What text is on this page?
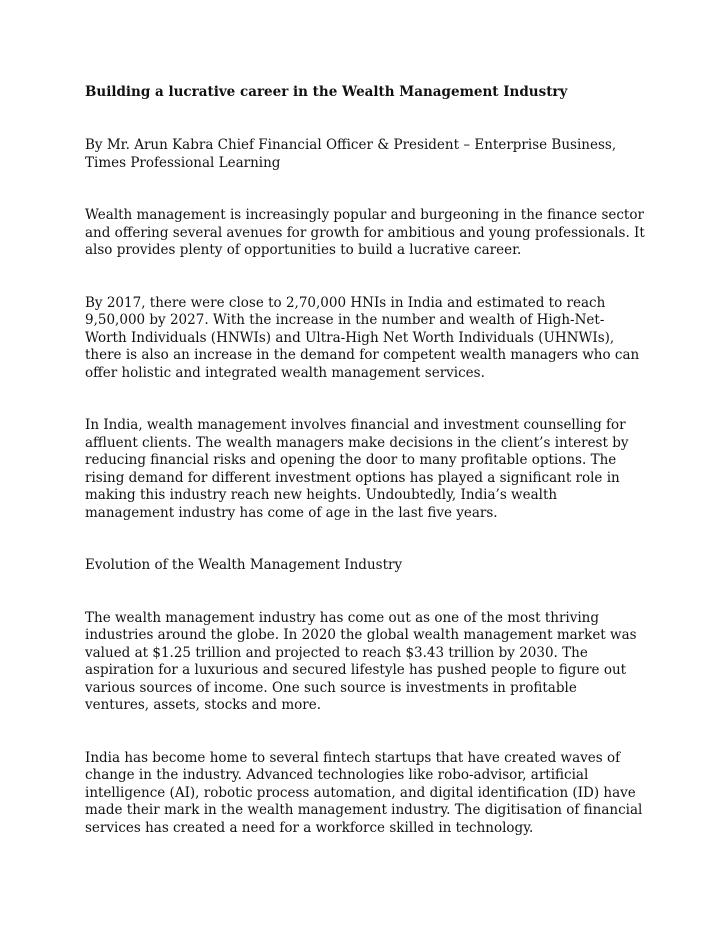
Building a lucrative career in the Wealth Management Industry

By Mr. Arun Kabra Chief Financial Officer & President – Enterprise Business, Times Professional Learning

Wealth management is increasingly popular and burgeoning in the finance sector and offering several avenues for growth for ambitious and young professionals. It also provides plenty of opportunities to build a lucrative career.

By 2017, there were close to 2,70,000 HNIs in India and estimated to reach 9,50,000 by 2027. With the increase in the number and wealth of High-Net-Worth Individuals (HNWIs) and Ultra-High Net Worth Individuals (UHNWIs), there is also an increase in the demand for competent wealth managers who can offer holistic and integrated wealth management services.

In India, wealth management involves financial and investment counselling for affluent clients. The wealth managers make decisions in the client’s interest by reducing financial risks and opening the door to many profitable options. The rising demand for different investment options has played a significant role in making this industry reach new heights. Undoubtedly, India’s wealth management industry has come of age in the last five years.

Evolution of the Wealth Management Industry

The wealth management industry has come out as one of the most thriving industries around the globe. In 2020 the global wealth management market was valued at $1.25 trillion and projected to reach $3.43 trillion by 2030. The aspiration for a luxurious and secured lifestyle has pushed people to figure out various sources of income. One such source is investments in profitable ventures, assets, stocks and more.

India has become home to several fintech startups that have created waves of change in the industry. Advanced technologies like robo-advisor, artificial intelligence (AI), robotic process automation, and digital identification (ID) have made their mark in the wealth management industry. The digitisation of financial services has created a need for a workforce skilled in technology.
